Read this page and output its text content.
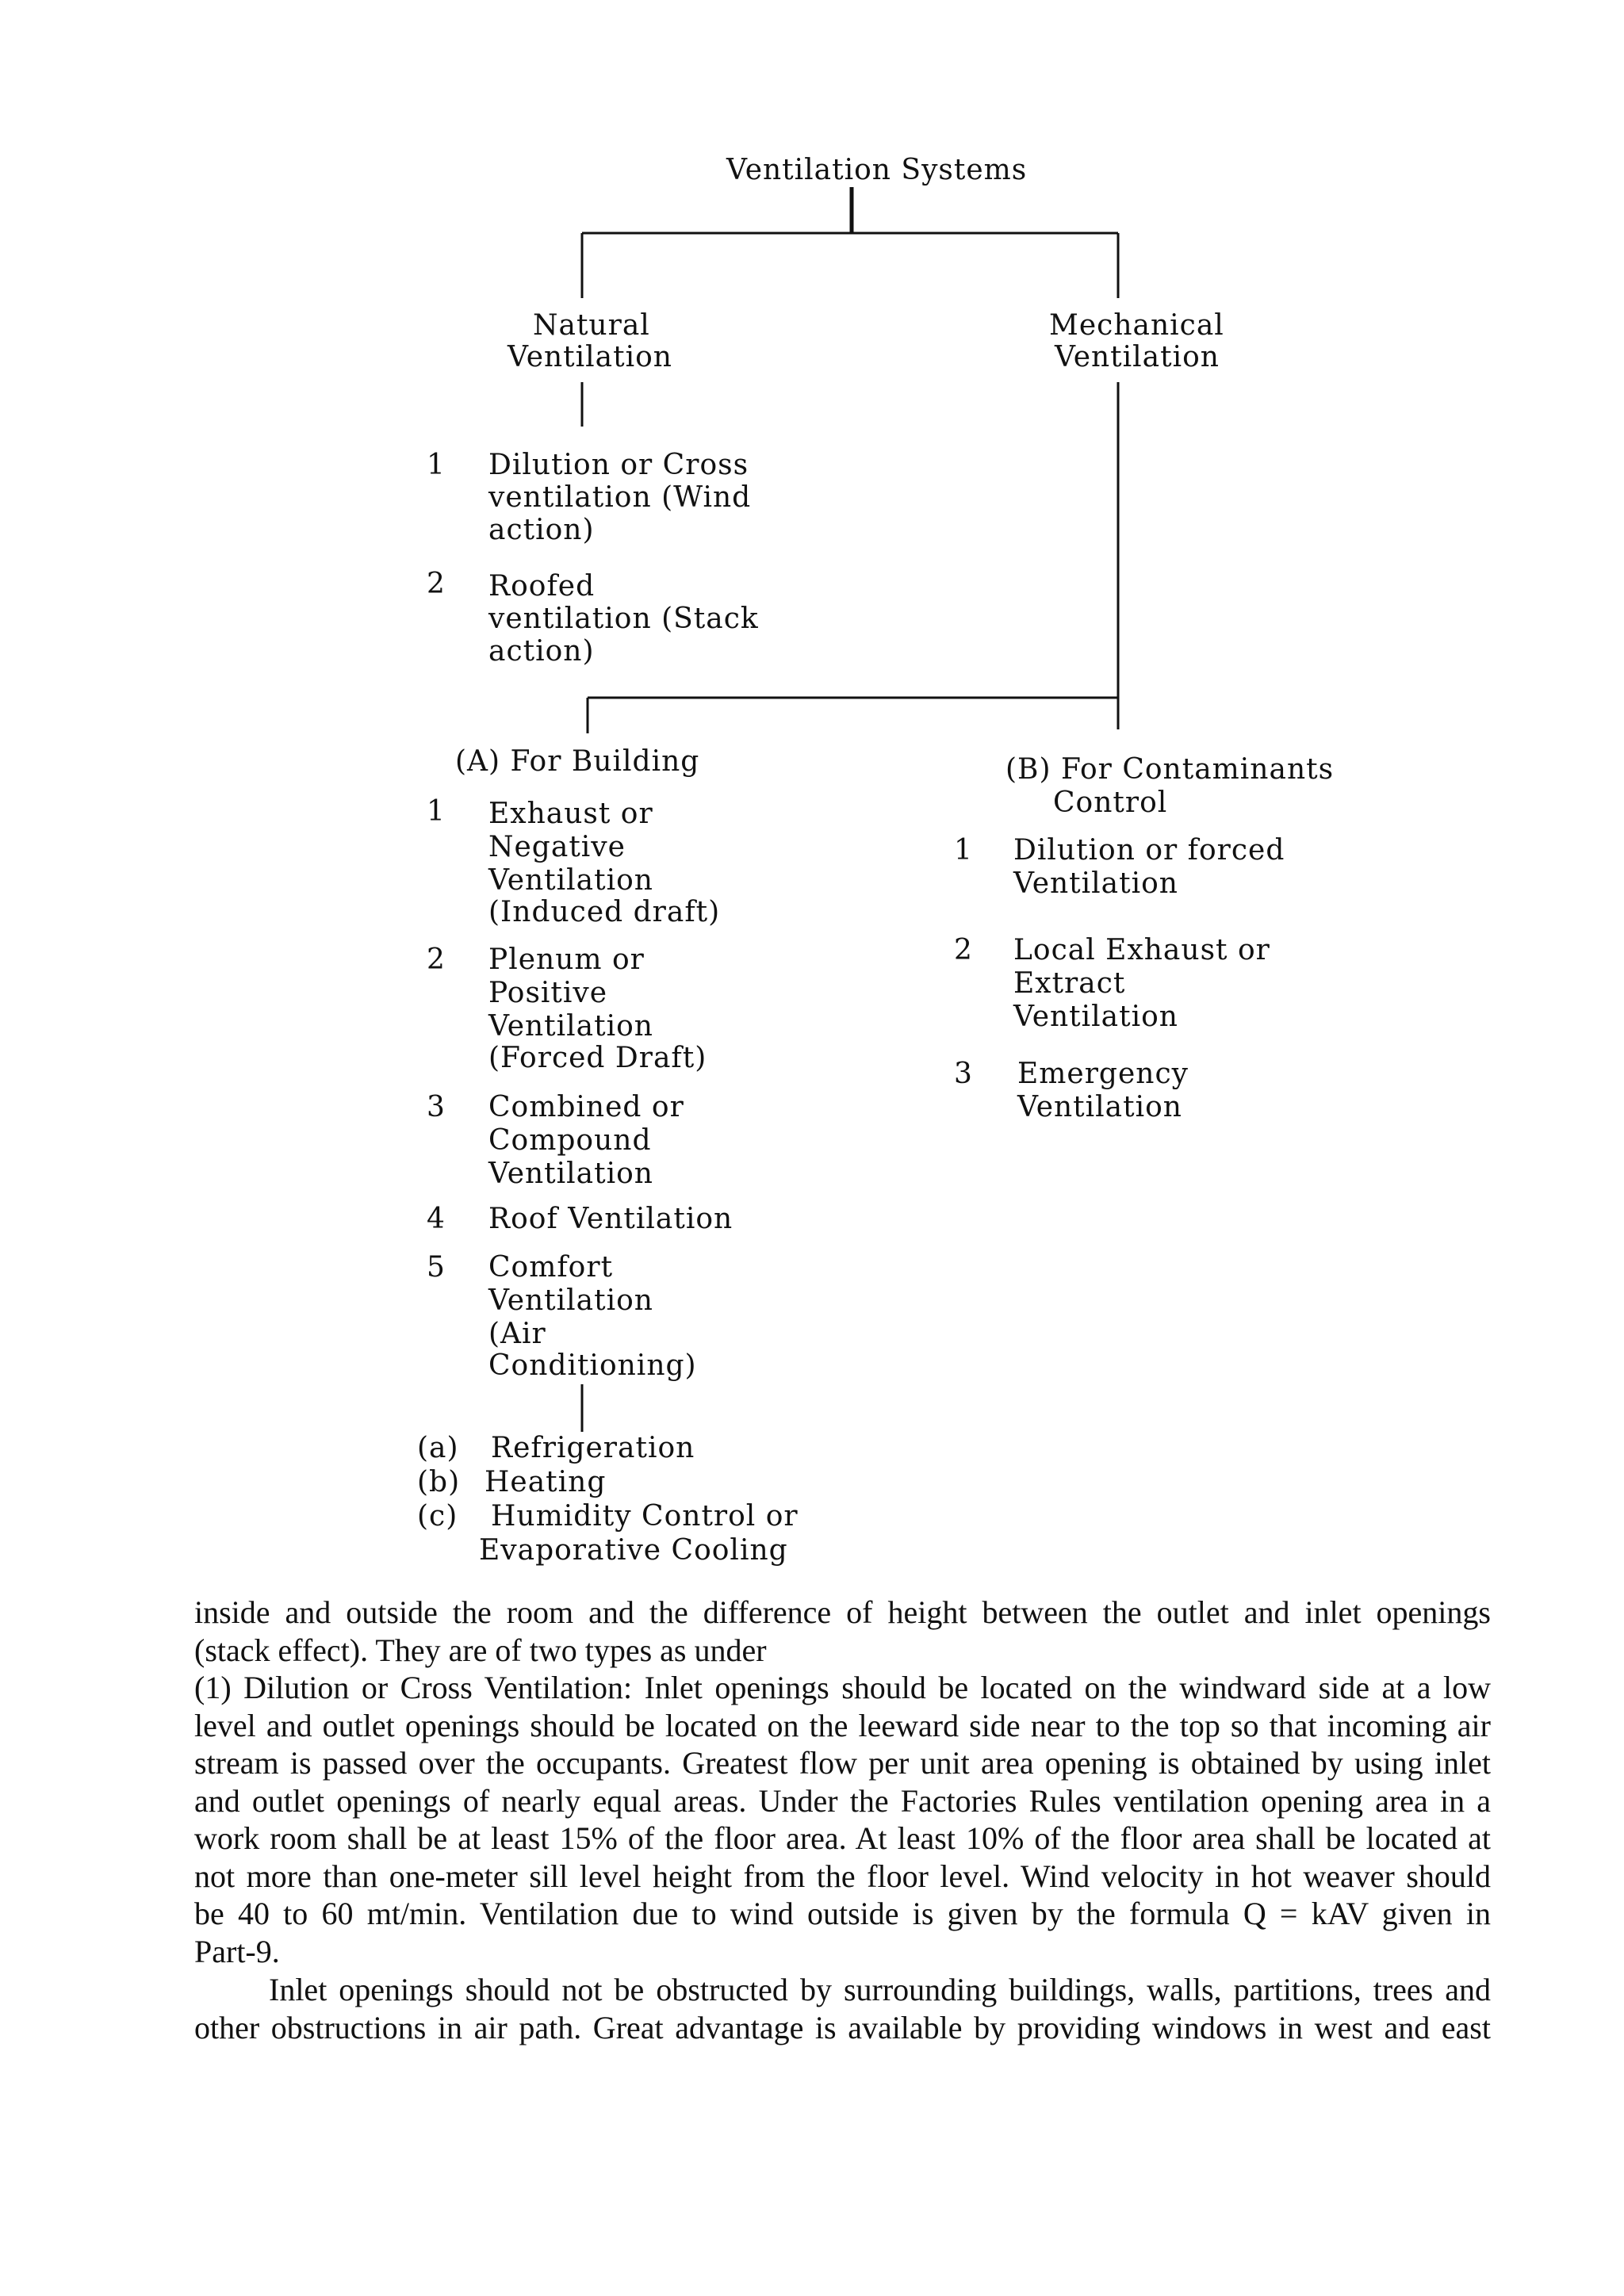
Ventilation Systems

Natural

Ventilation

Mechanical

Ventilation

1 Dilution or Cross

ventilation (Wind

action)

2 Roofed

ventilation (Stack

action)

(A) For Building

1 Exhaust or

Negative

Ventilation

(Induced draft)

2 Plenum or

Positive

Ventilation

(Forced Draft)

3 Combined or

Compound

Ventilation

4 Roof Ventilation

5 Comfort

Ventilation

(Air

Conditioning)

(a) Refrigeration

(b) Heating

(c) Humidity Control or

Evaporative Cooling

(B) For Contaminants

Control

1 Dilution or forced

Ventilation

2 Local Exhaust or

Extract

Ventilation

3 Emergency

Ventilation

inside and outside the room and the difference of height between the outlet and inlet openings
(stack effect). They are of two types as under
(1) Dilution or Cross Ventilation: Inlet openings should be located on the windward side at a low
level and outlet openings should be located on the leeward side near to the top so that incoming air
stream is passed over the occupants. Greatest flow per unit area opening is obtained by using inlet
and outlet openings of nearly equal areas. Under the Factories Rules ventilation opening area in a
work room shall be at least 15% of the floor area. At least 10% of the floor area shall be located at
not more than one-meter sill level height from the floor level. Wind velocity in hot weaver should
be 40 to 60 mt/min. Ventilation due to wind outside is given by the formula Q = kAV given in
Part-9.
Inlet openings should not be obstructed by surrounding buildings, walls, partitions, trees and
other obstructions in air path. Great advantage is available by providing windows in west and east
